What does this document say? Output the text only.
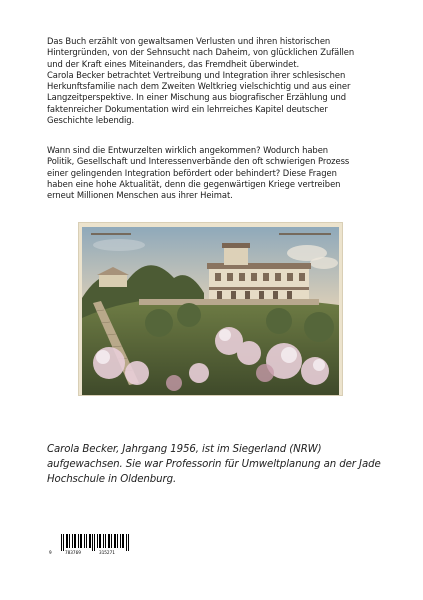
Das Buch erzählt von gewaltsamen Verlusten und ihren historischen
Hintergründen, von der Sehnsucht nach Daheim, von glücklichen Zufällen
und der Kraft eines Miteinanders, das Fremdheit überwindet.
Carola Becker betrachtet Vertreibung und Integration ihrer schlesischen
Herkunftsfamilie nach dem Zweiten Weltkrieg vielschichtig und aus einer
Langzeitperspektive. In einer Mischung aus biografischer Erzählung und
faktenreicher Dokumentation wird ein lehrreiches Kapitel deutscher
Geschichte lebendig.

Wann sind die Entwurzelten wirklich angekommen? Wodurch haben
Politik, Gesellschaft und Interessenverbände den oft schwierigen Prozess
einer gelingenden Integration befördert oder behindert? Diese Fragen
haben eine hohe Aktualität, denn die gegenwärtigen Kriege vertreiben
erneut Millionen Menschen aus ihrer Heimat.

Carola Becker, Jahrgang 1956, ist im Siegerland (NRW)
aufgewachsen. Sie war Professorin für Umweltplanung an der Jade
Hochschule in Oldenburg.

9	783769	315271
